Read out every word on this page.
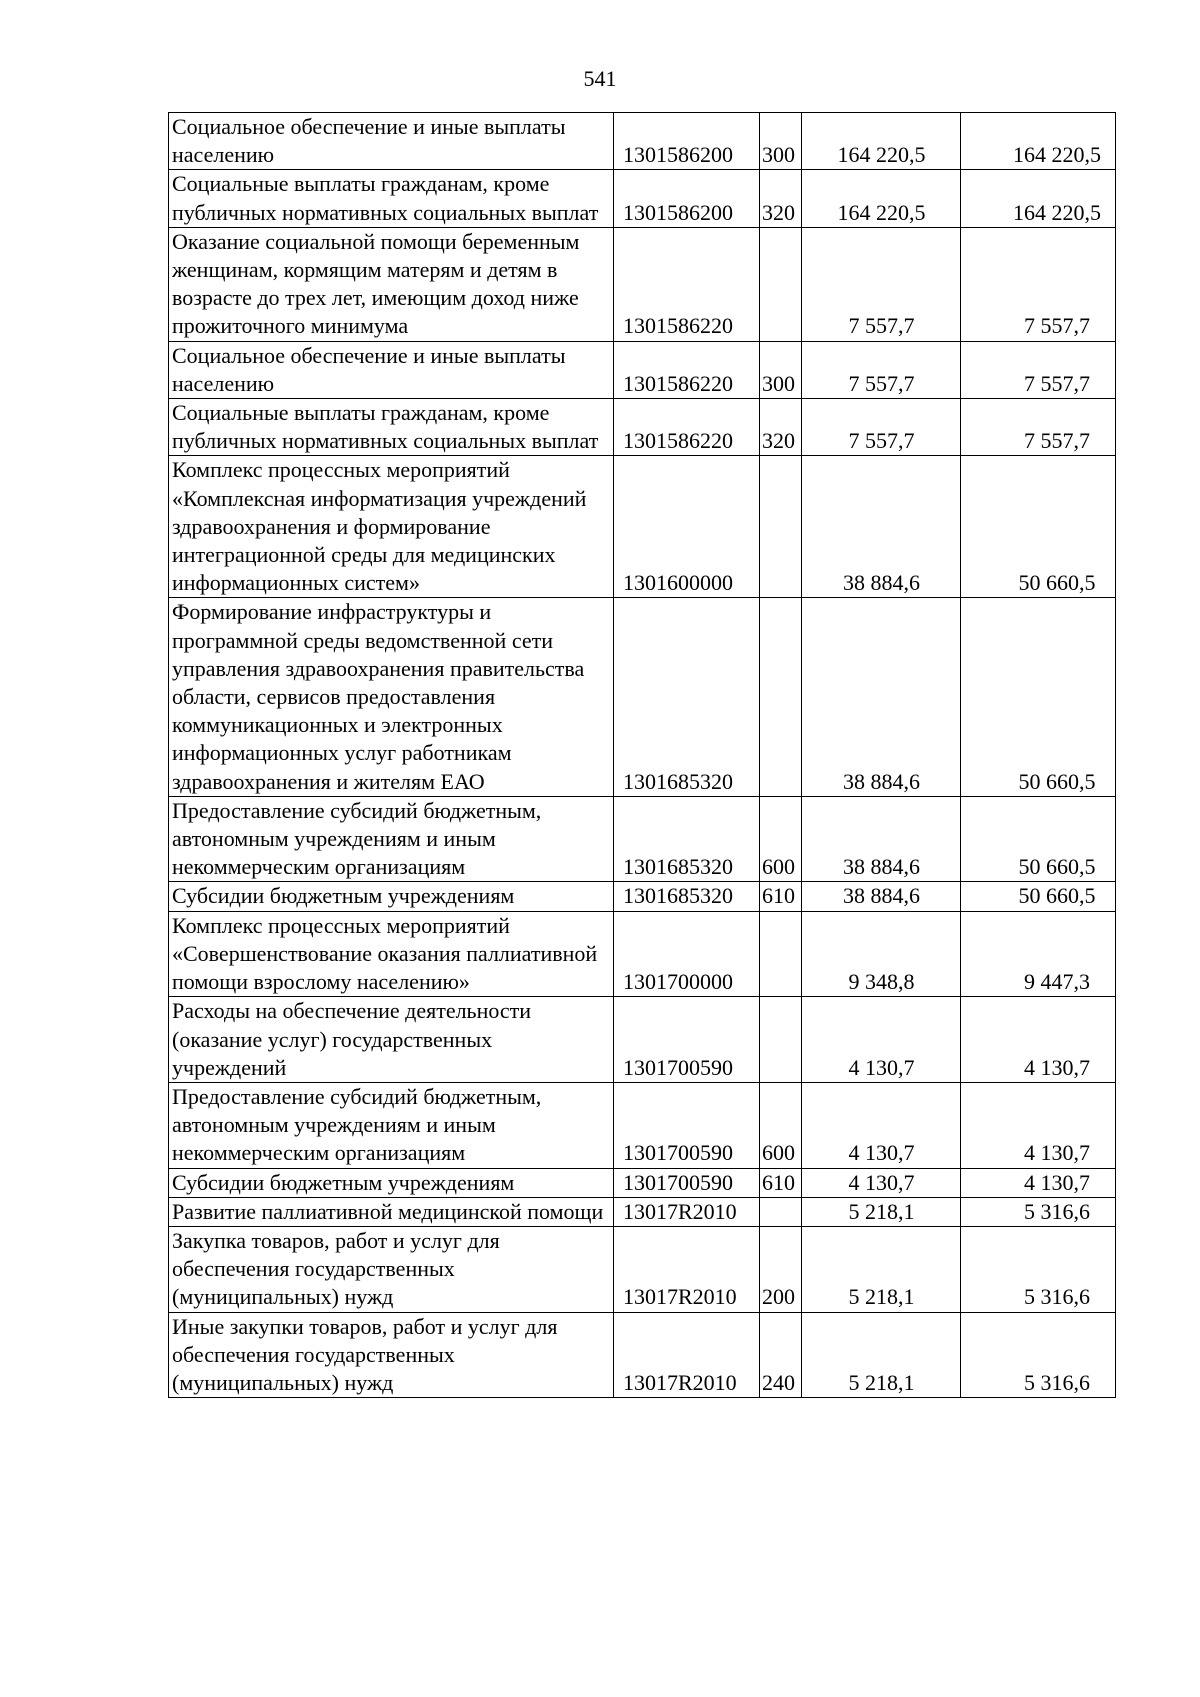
541
Социальное обеспечение и иные выплаты населению	1301586200	300	164 220,5	164 220,5
Социальные выплаты гражданам, кроме публичных нормативных социальных выплат	1301586200	320	164 220,5	164 220,5
Оказание социальной помощи беременным женщинам, кормящим матерям и детям в возрасте до трех лет, имеющим доход ниже прожиточного минимума	1301586220		7 557,7	7 557,7
Социальное обеспечение и иные выплаты населению	1301586220	300	7 557,7	7 557,7
Социальные выплаты гражданам, кроме публичных нормативных социальных выплат	1301586220	320	7 557,7	7 557,7
Комплекс процессных мероприятий «Комплексная информатизация учреждений здравоохранения и формирование интеграционной среды для медицинских информационных систем»	1301600000		38 884,6	50 660,5
Формирование инфраструктуры и программной среды ведомственной сети управления здравоохранения правительства области, сервисов предоставления коммуникационных и электронных информационных услуг работникам здравоохранения и жителям ЕАО	1301685320		38 884,6	50 660,5
Предоставление субсидий бюджетным, автономным учреждениям и иным некоммерческим организациям	1301685320	600	38 884,6	50 660,5
Субсидии бюджетным учреждениям	1301685320	610	38 884,6	50 660,5
Комплекс процессных мероприятий «Совершенствование оказания паллиативной помощи взрослому населению»	1301700000		9 348,8	9 447,3
Расходы на обеспечение деятельности (оказание услуг) государственных учреждений	1301700590		4 130,7	4 130,7
Предоставление субсидий бюджетным, автономным учреждениям и иным некоммерческим организациям	1301700590	600	4 130,7	4 130,7
Субсидии бюджетным учреждениям	1301700590	610	4 130,7	4 130,7
Развитие паллиативной медицинской помощи	13017R2010		5 218,1	5 316,6
Закупка товаров, работ и услуг для обеспечения государственных (муниципальных) нужд	13017R2010	200	5 218,1	5 316,6
Иные закупки товаров, работ и услуг для обеспечения государственных (муниципальных) нужд	13017R2010	240	5 218,1	5 316,6
